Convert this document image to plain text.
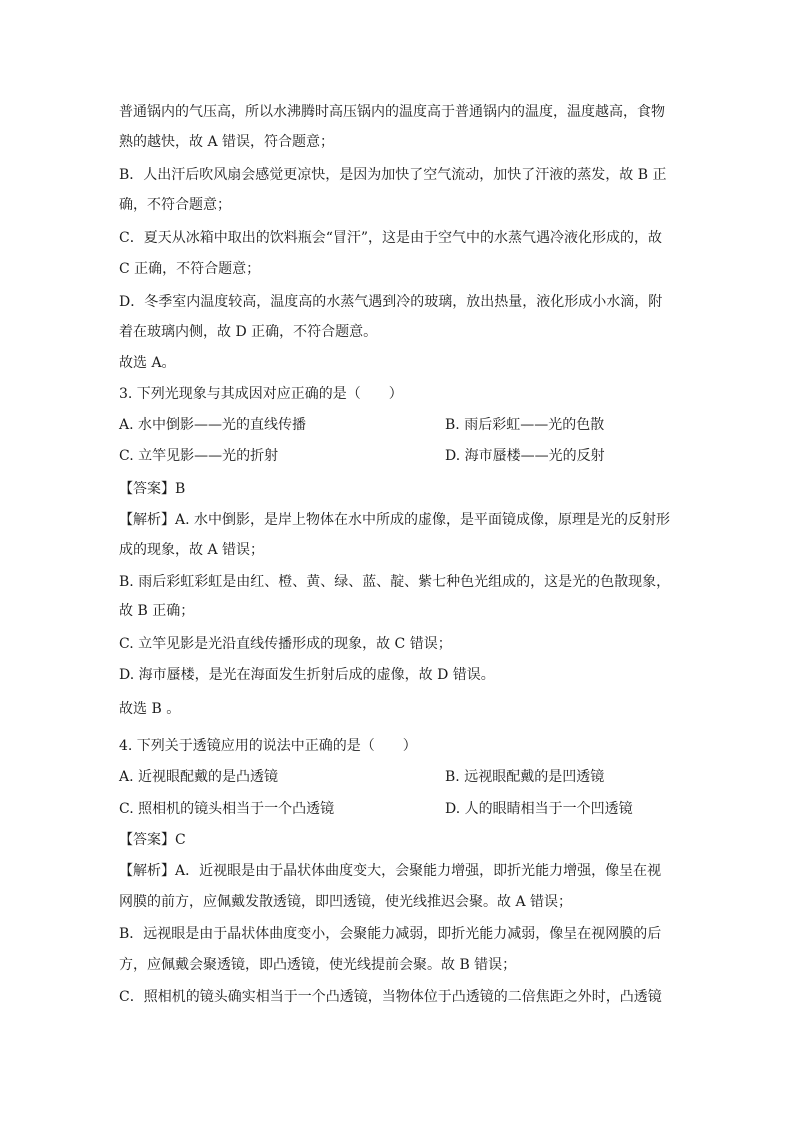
普通锅内的气压高，所以水沸腾时高压锅内的温度高于普通锅内的温度，温度越高，食物
熟的越快，故 A 错误，符合题意；
B．人出汗后吹风扇会感觉更凉快，是因为加快了空气流动，加快了汗液的蒸发，故 B 正
确，不符合题意；
C．夏天从冰箱中取出的饮料瓶会“冒汗”，这是由于空气中的水蒸气遇冷液化形成的，故
C 正确，不符合题意；
D．冬季室内温度较高，温度高的水蒸气遇到冷的玻璃，放出热量，液化形成小水滴，附
着在玻璃内侧，故 D 正确，不符合题意。
故选 A。
3. 下列光现象与其成因对应正确的是（　　）
A. 水中倒影——光的直线传播	B. 雨后彩虹——光的色散
C. 立竿见影——光的折射	D. 海市蜃楼——光的反射
【答案】B
【解析】A. 水中倒影，是岸上物体在水中所成的虚像，是平面镜成像，原理是光的反射形
成的现象，故 A 错误；
B. 雨后彩虹彩虹是由红、橙、黄、绿、蓝、靛、紫七种色光组成的，这是光的色散现象，
故 B 正确；
C. 立竿见影是光沿直线传播形成的现象，故 C 错误；
D. 海市蜃楼，是光在海面发生折射后成的虚像，故 D 错误。
故选 B 。
4. 下列关于透镜应用的说法中正确的是（　　）
A. 近视眼配戴的是凸透镜	B. 远视眼配戴的是凹透镜
C. 照相机的镜头相当于一个凸透镜	D. 人的眼睛相当于一个凹透镜
【答案】C
【解析】A．近视眼是由于晶状体曲度变大，会聚能力增强，即折光能力增强，像呈在视
网膜的前方，应佩戴发散透镜，即凹透镜，使光线推迟会聚。故 A 错误；
B．远视眼是由于晶状体曲度变小，会聚能力减弱，即折光能力减弱，像呈在视网膜的后
方，应佩戴会聚透镜，即凸透镜，使光线提前会聚。故 B 错误；
C．照相机的镜头确实相当于一个凸透镜，当物体位于凸透镜的二倍焦距之外时，凸透镜
